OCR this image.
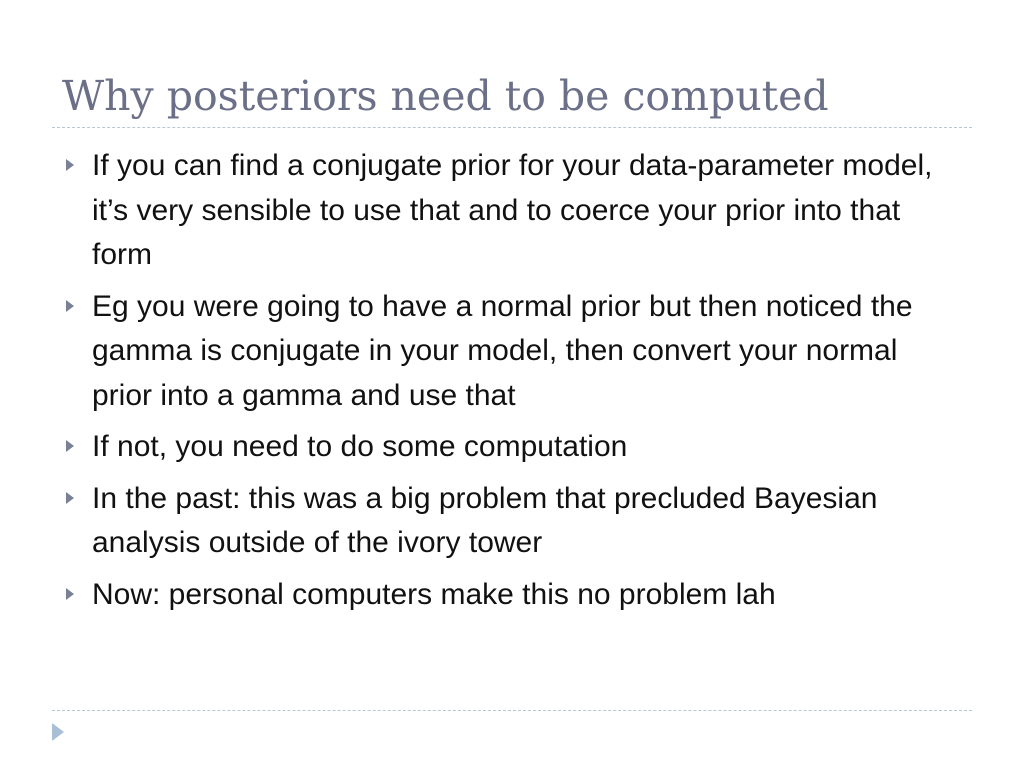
Why posteriors need to be computed
If you can find a conjugate prior for your data-parameter model, it’s very sensible to use that and to coerce your prior into that form
Eg you were going to have a normal prior but then noticed the gamma is conjugate in your model, then convert your normal prior into a gamma and use that
If not, you need to do some computation
In the past: this was a big problem that precluded Bayesian analysis outside of the ivory tower
Now: personal computers make this no problem lah
